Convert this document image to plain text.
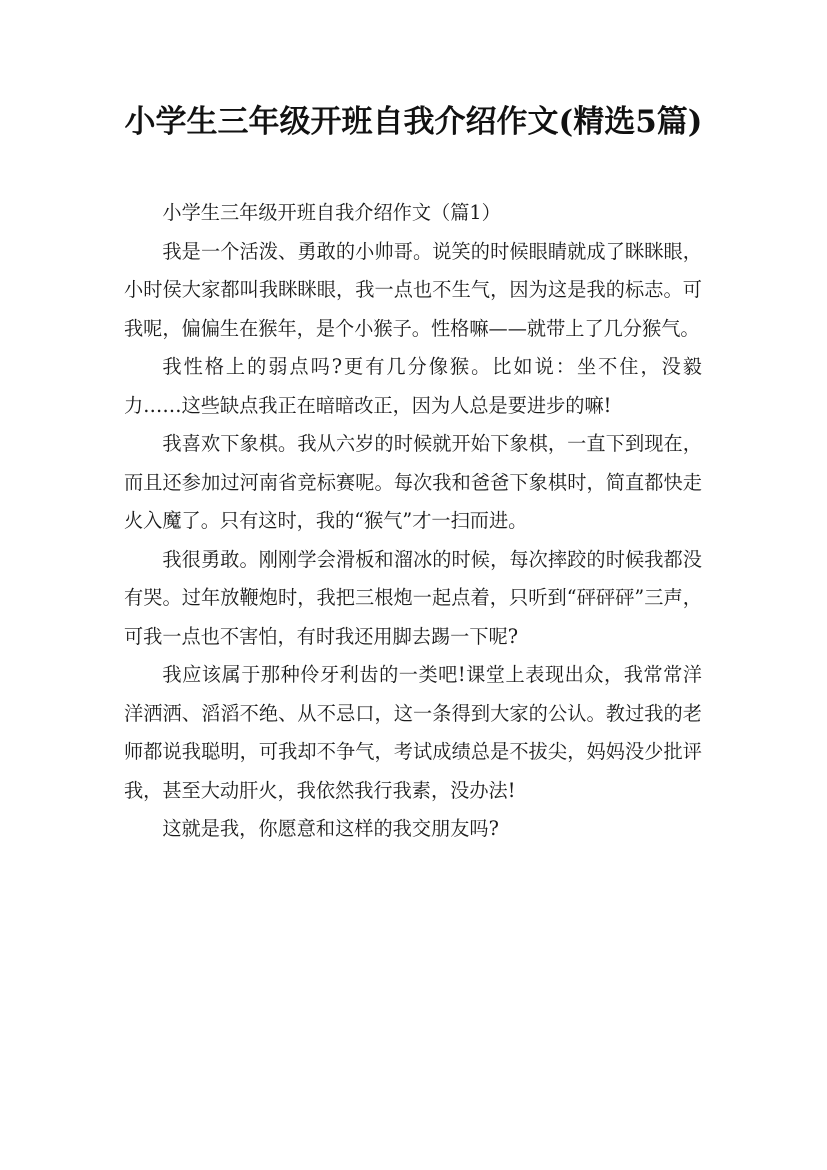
小学生三年级开班自我介绍作文(精选5篇)

小学生三年级开班自我介绍作文（篇1）

我是一个活泼、勇敢的小帅哥。说笑的时候眼睛就成了眯眯眼，小时侯大家都叫我眯眯眼，我一点也不生气，因为这是我的标志。可我呢，偏偏生在猴年，是个小猴子。性格嘛——就带上了几分猴气。

我性格上的弱点吗?更有几分像猴。比如说：坐不住，没毅力……这些缺点我正在暗暗改正，因为人总是要进步的嘛!

我喜欢下象棋。我从六岁的时候就开始下象棋，一直下到现在，而且还参加过河南省竞标赛呢。每次我和爸爸下象棋时，简直都快走火入魔了。只有这时，我的“猴气”才一扫而进。

我很勇敢。刚刚学会滑板和溜冰的时候，每次摔跤的时候我都没有哭。过年放鞭炮时，我把三根炮一起点着，只听到“砰砰砰”三声，可我一点也不害怕，有时我还用脚去踢一下呢?

我应该属于那种伶牙利齿的一类吧!课堂上表现出众，我常常洋洋洒洒、滔滔不绝、从不忌口，这一条得到大家的公认。教过我的老师都说我聪明，可我却不争气，考试成绩总是不拔尖，妈妈没少批评我，甚至大动肝火，我依然我行我素，没办法!

这就是我，你愿意和这样的我交朋友吗?
